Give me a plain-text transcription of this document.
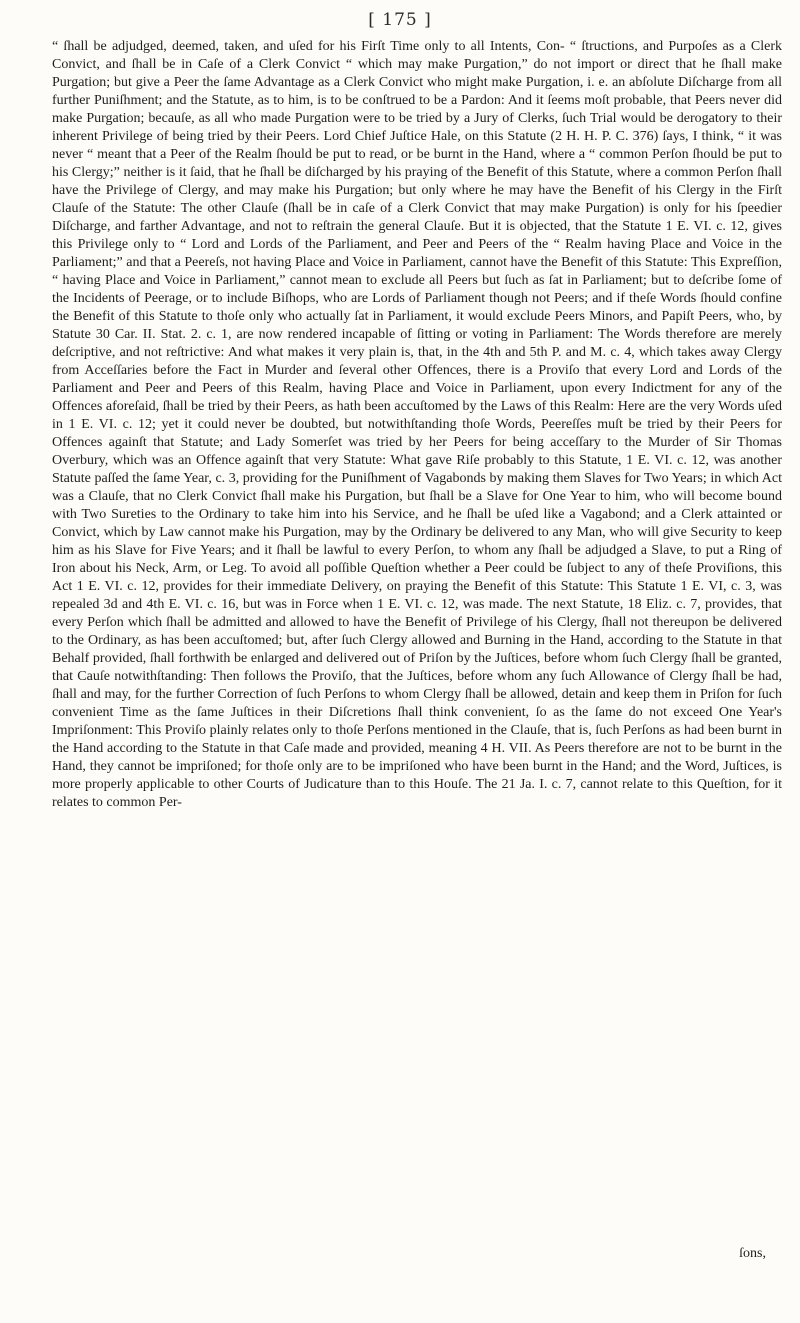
[ 175 ]

“ ſhall be adjudged, deemed, taken, and uſed for his Firſt Time only to all Intents, Con- “ ſtructions, and Purpoſes as a Clerk Convict, and ſhall be in Caſe of a Clerk Convict “ which may make Purgation,” do not import or direct that he ſhall make Purgation; but give a Peer the ſame Advantage as a Clerk Convict who might make Purgation, i. e. an abſolute Diſcharge from all further Puniſhment; and the Statute, as to him, is to be conſtrued to be a Pardon: And it ſeems moſt probable, that Peers never did make Purgation; becauſe, as all who made Purgation were to be tried by a Jury of Clerks, ſuch Trial would be derogatory to their inherent Privilege of being tried by their Peers. Lord Chief Juſtice Hale, on this Statute (2 H. H. P. C. 376) ſays, I think, “ it was never “ meant that a Peer of the Realm ſhould be put to read, or be burnt in the Hand, where a “ common Perſon ſhould be put to his Clergy;” neither is it ſaid, that he ſhall be diſcharged by his praying of the Benefit of this Statute, where a common Perſon ſhall have the Privilege of Clergy, and may make his Purgation; but only where he may have the Benefit of his Clergy in the Firſt Clauſe of the Statute: The other Clauſe (ſhall be in caſe of a Clerk Convict that may make Purgation) is only for his ſpeedier Diſcharge, and farther Advantage, and not to reſtrain the general Clauſe. But it is objected, that the Statute 1 E. VI. c. 12, gives this Privilege only to “ Lord and Lords of the Parliament, and Peer and Peers of the “ Realm having Place and Voice in the Parliament;” and that a Peereſs, not having Place and Voice in Parliament, cannot have the Benefit of this Statute: This Expreſſion, “ having Place and Voice in Parliament,” cannot mean to exclude all Peers but ſuch as ſat in Parliament; but to deſcribe ſome of the Incidents of Peerage, or to include Biſhops, who are Lords of Parliament though not Peers; and if theſe Words ſhould confine the Benefit of this Statute to thoſe only who actually ſat in Parliament, it would exclude Peers Minors, and Papiſt Peers, who, by Statute 30 Car. II. Stat. 2. c. 1, are now rendered incapable of ſitting or voting in Parliament: The Words therefore are merely deſcriptive, and not reſtrictive: And what makes it very plain is, that, in the 4th and 5th P. and M. c. 4, which takes away Clergy from Acceſſaries before the Fact in Murder and ſeveral other Offences, there is a Proviſo that every Lord and Lords of the Parliament and Peer and Peers of this Realm, having Place and Voice in Parliament, upon every Indictment for any of the Offences aforeſaid, ſhall be tried by their Peers, as hath been accuſtomed by the Laws of this Realm: Here are the very Words uſed in 1 E. VI. c. 12; yet it could never be doubted, but notwithſtanding thoſe Words, Peereſſes muſt be tried by their Peers for Offences againſt that Statute; and Lady Somerſet was tried by her Peers for being acceſſary to the Murder of Sir Thomas Overbury, which was an Offence againſt that very Statute: What gave Riſe probably to this Statute, 1 E. VI. c. 12, was another Statute paſſed the ſame Year, c. 3, providing for the Puniſhment of Vagabonds by making them Slaves for Two Years; in which Act was a Clauſe, that no Clerk Convict ſhall make his Purgation, but ſhall be a Slave for One Year to him, who will become bound with Two Sureties to the Ordinary to take him into his Service, and he ſhall be uſed like a Vagabond; and a Clerk attainted or Convict, which by Law cannot make his Purgation, may by the Ordinary be delivered to any Man, who will give Security to keep him as his Slave for Five Years; and it ſhall be lawful to every Perſon, to whom any ſhall be adjudged a Slave, to put a Ring of Iron about his Neck, Arm, or Leg. To avoid all poſſible Queſtion whether a Peer could be ſubject to any of theſe Proviſions, this Act 1 E. VI. c. 12, provides for their immediate Delivery, on praying the Benefit of this Statute: This Statute 1 E. VI, c. 3, was repealed 3d and 4th E. VI. c. 16, but was in Force when 1 E. VI. c. 12, was made. The next Statute, 18 Eliz. c. 7, provides, that every Perſon which ſhall be admitted and allowed to have the Benefit of Privilege of his Clergy, ſhall not thereupon be delivered to the Ordinary, as has been accuſtomed; but, after ſuch Clergy allowed and Burning in the Hand, according to the Statute in that Behalf provided, ſhall forthwith be enlarged and delivered out of Priſon by the Juſtices, before whom ſuch Clergy ſhall be granted, that Cauſe notwithſtanding: Then follows the Proviſo, that the Juſtices, before whom any ſuch Allowance of Clergy ſhall be had, ſhall and may, for the further Correction of ſuch Perſons to whom Clergy ſhall be allowed, detain and keep them in Priſon for ſuch convenient Time as the ſame Juſtices in their Diſcretions ſhall think convenient, ſo as the ſame do not exceed One Year's Impriſonment: This Proviſo plainly relates only to thoſe Perſons mentioned in the Clauſe, that is, ſuch Perſons as had been burnt in the Hand according to the Statute in that Caſe made and provided, meaning 4 H. VII. As Peers therefore are not to be burnt in the Hand, they cannot be impriſoned; for thoſe only are to be impriſoned who have been burnt in the Hand; and the Word, Juſtices, is more properly applicable to other Courts of Judicature than to this Houſe. The 21 Ja. I. c. 7, cannot relate to this Queſtion, for it relates to common Per-

ſons,
